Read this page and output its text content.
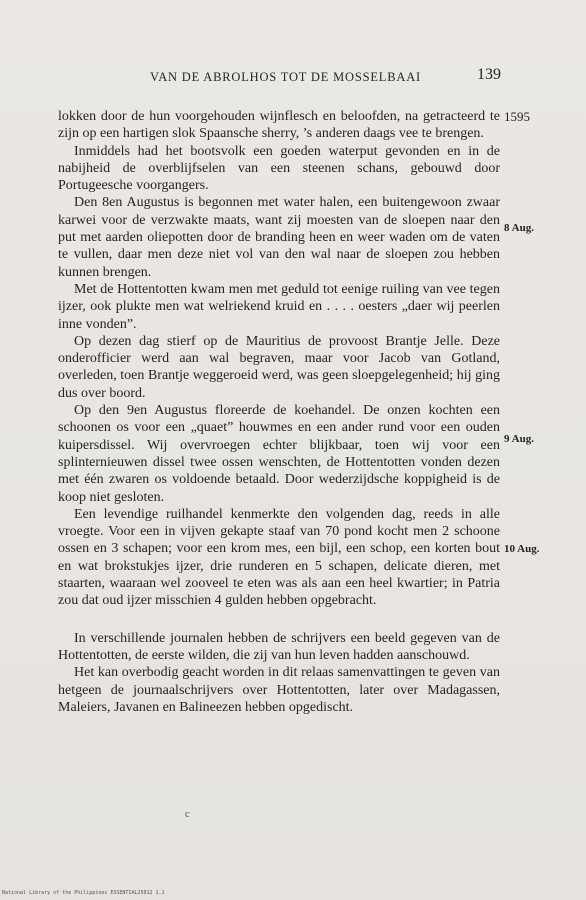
VAN DE ABROLHOS TOT DE MOSSELBAAI	139

lokken door de hun voorgehouden wijnflesch en beloofden, na getracteerd te zijn op een hartigen slok Spaansche sherry, ’s anderen daags vee te brengen.

Inmiddels had het bootsvolk een goeden waterput gevonden en in de nabijheid de overblijfselen van een steenen schans, gebouwd door Portugeesche voorgangers.

Den 8en Augustus is begonnen met water halen, een buitengewoon zwaar karwei voor de verzwakte maats, want zij moesten van de sloepen naar den put met aarden oliepotten door de branding heen en weer waden om de vaten te vullen, daar men deze niet vol van den wal naar de sloepen zou hebben kunnen brengen.

Met de Hottentotten kwam men met geduld tot eenige ruiling van vee tegen ijzer, ook plukte men wat welriekend kruid en . . . . oesters „daer wij peerlen inne vonden”.

Op dezen dag stierf op de Mauritius de provoost Brantje Jelle. Deze onderofficier werd aan wal begraven, maar voor Jacob van Gotland, overleden, toen Brantje weggeroeid werd, was geen sloepgelegenheid; hij ging dus over boord.

Op den 9en Augustus floreerde de koehandel. De onzen kochten een schoonen os voor een „quaet” houwmes en een ander rund voor een ouden kuipersdissel. Wij overvroegen echter blijkbaar, toen wij voor een splinternieuwen dissel twee ossen wenschten, de Hottentotten vonden dezen met één zwaren os voldoende betaald. Door wederzijdsche koppigheid is de koop niet gesloten.

Een levendige ruilhandel kenmerkte den volgenden dag, reeds in alle vroegte. Voor een in vijven gekapte staaf van 70 pond kocht men 2 schoone ossen en 3 schapen; voor een krom mes, een bijl, een schop, een korten bout en wat brokstukjes ijzer, drie runderen en 5 schapen, delicate dieren, met staarten, waaraan wel zooveel te eten was als aan een heel kwartier; in Patria zou dat oud ijzer misschien 4 gulden hebben opgebracht.

In verschillende journalen hebben de schrijvers een beeld gegeven van de Hottentotten, de eerste wilden, die zij van hun leven hadden aanschouwd.

Het kan overbodig geacht worden in dit relaas samenvattingen te geven van hetgeen de journaalschrijvers over Hottentotten, later over Madagassen, Maleiers, Javanen en Balineezen hebben opgedischt.

1595
8 Aug.
9 Aug.
10 Aug.
c
National Library of the Philippines ESSENTIAL25012 1.1
